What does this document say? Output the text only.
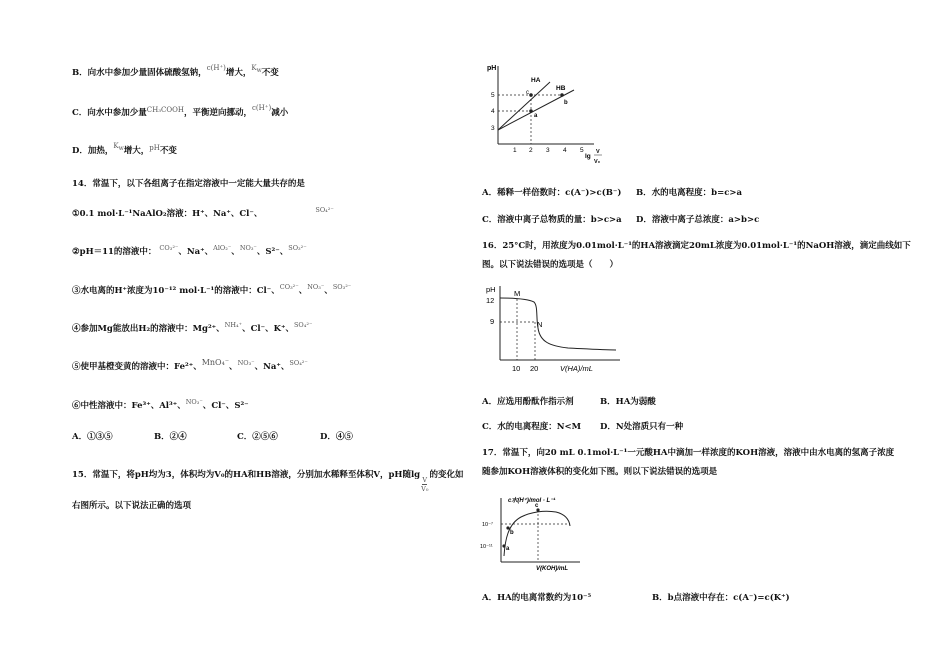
B．向水中参加少量固体硫酸氢钠，c(H⁺)增大，Kw不变
C．向水中参加少量CH₃COOH，平衡逆向挪动，c(H⁺)减小
D．加热，Kw增大，pH不变
14．常温下，以下各组离子在指定溶液中一定能大量共存的是
①0.1 mol·L⁻¹NaAlO₂溶液：H⁺、Na⁺、Cl⁻、	SO₄²⁻
②pH＝11的溶液中： CO₃²⁻、Na⁺、AlO₂⁻、NO₃⁻、S²⁻、SO₃²⁻
③水电离的H⁺浓度为10⁻¹² mol·L⁻¹的溶液中：Cl⁻、CO₃²⁻、NO₃⁻、SO₃²⁻
④参加Mg能放出H₂的溶液中：Mg²⁺、NH₄⁺、Cl⁻、K⁺、SO₄²⁻
⑤使甲基橙变黄的溶液中：Fe²⁺、MnO₄⁻、NO₃⁻、Na⁺、SO₄²⁻
⑥中性溶液中：Fe³⁺、Al³⁺、NO₃⁻、Cl⁻、S²⁻
A．①③⑤	B．②④	C．②⑤⑥	D．④⑤
15．常温下，将pH均为3，体积均为V₀的HA和HB溶液，分别加水稀释至体积V，pH随lg
$\frac{V}{\text{V₀}}$
的变化如
右图所示。以下说法正确的选项
pH
5
4
3
1 2 3 4 5
HA
HB
c
b
a
lg
V
V₀
A．稀释一样倍数时：c(A⁻)>c(B⁻) B．水的电离程度：b=c>a
C．溶液中离子总物质的量：b>c>a D．溶液中离子总浓度：a>b>c
16．25°C时，用浓度为0.01mol·L⁻¹的HA溶液滴定20mL浓度为0.01mol·L⁻¹的NaOH溶液，滴定曲线如下
图。以下说法错误的选项是（　　）
pH
12
9
10 20
M
N
V(HA)/mL
A．应选用酚酞作指示剂	B．HA为弱酸
C．水的电离程度：N<M D．N处溶质只有一种
17．常温下，向20 mL 0.1mol·L⁻¹一元酸HA中滴加一样浓度的KOH溶液，溶液中由水电离的氢离子浓度
随参加KOH溶液体积的变化如下图。则以下说法错误的选项是
c水(H⁺)/mol · L⁻¹
10⁻⁷
10⁻¹¹
c
b
a
V(KOH)/mL
A．HA的电离常数约为10⁻⁵	B．b点溶液中存在：c(A⁻)=c(K⁺)
